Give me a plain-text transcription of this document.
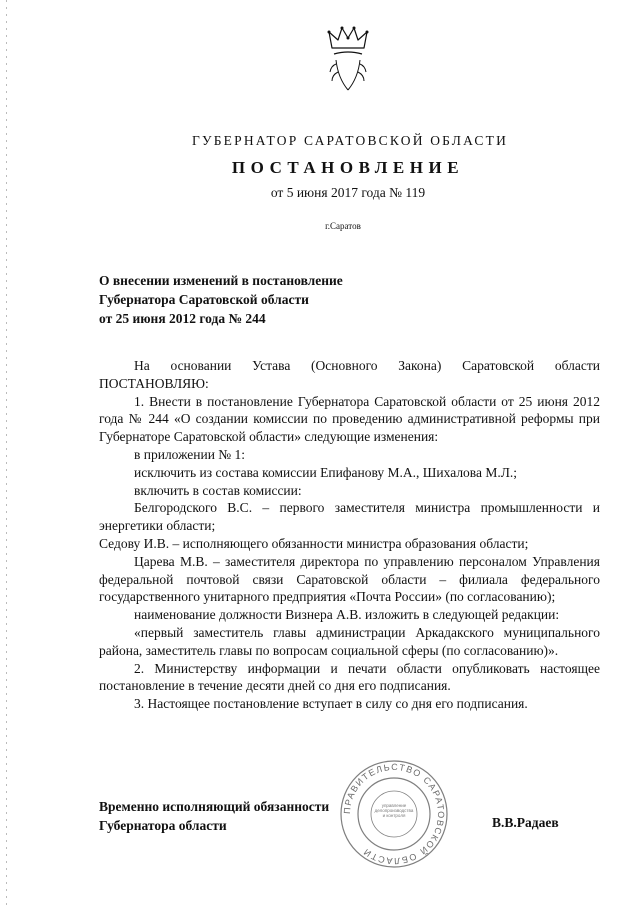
ГУБЕРНАТОР САРАТОВСКОЙ ОБЛАСТИ
ПОСТАНОВЛЕНИЕ
от 5 июня 2017 года № 119
г.Саратов
О внесении изменений в постановление
Губернатора Саратовской области
от 25 июня 2012 года № 244

На основании Устава (Основного Закона) Саратовской области ПОСТАНОВЛЯЮ:

1. Внести в постановление Губернатора Саратовской области от 25 июня 2012 года № 244 «О создании комиссии по проведению административной реформы при Губернаторе Саратовской области» следующие изменения:

в приложении № 1:

исключить из состава комиссии Епифанову М.А., Шихалова М.Л.;

включить в состав комиссии:

Белгородского В.С. – первого заместителя министра промышленности и энергетики области;

Седову И.В. – исполняющего обязанности министра образования области;

Царева М.В. – заместителя директора по управлению персоналом Управления федеральной почтовой связи Саратовской области – филиала федерального государственного унитарного предприятия «Почта России» (по согласованию);

наименование должности Визнера А.В. изложить в следующей редакции:

«первый заместитель главы администрации Аркадакского муниципального района, заместитель главы по вопросам социальной сферы (по согласованию)».

2. Министерству информации и печати области опубликовать настоящее постановление в течение десяти дней со дня его подписания.

3. Настоящее постановление вступает в силу со дня его подписания.

Временно исполняющий обязанности
Губернатора области	В.В.Радаев
ПРАВИТЕЛЬСТВО САРАТОВСКОЙ ОБЛАСТИ
управление делопроизводства и контроля
